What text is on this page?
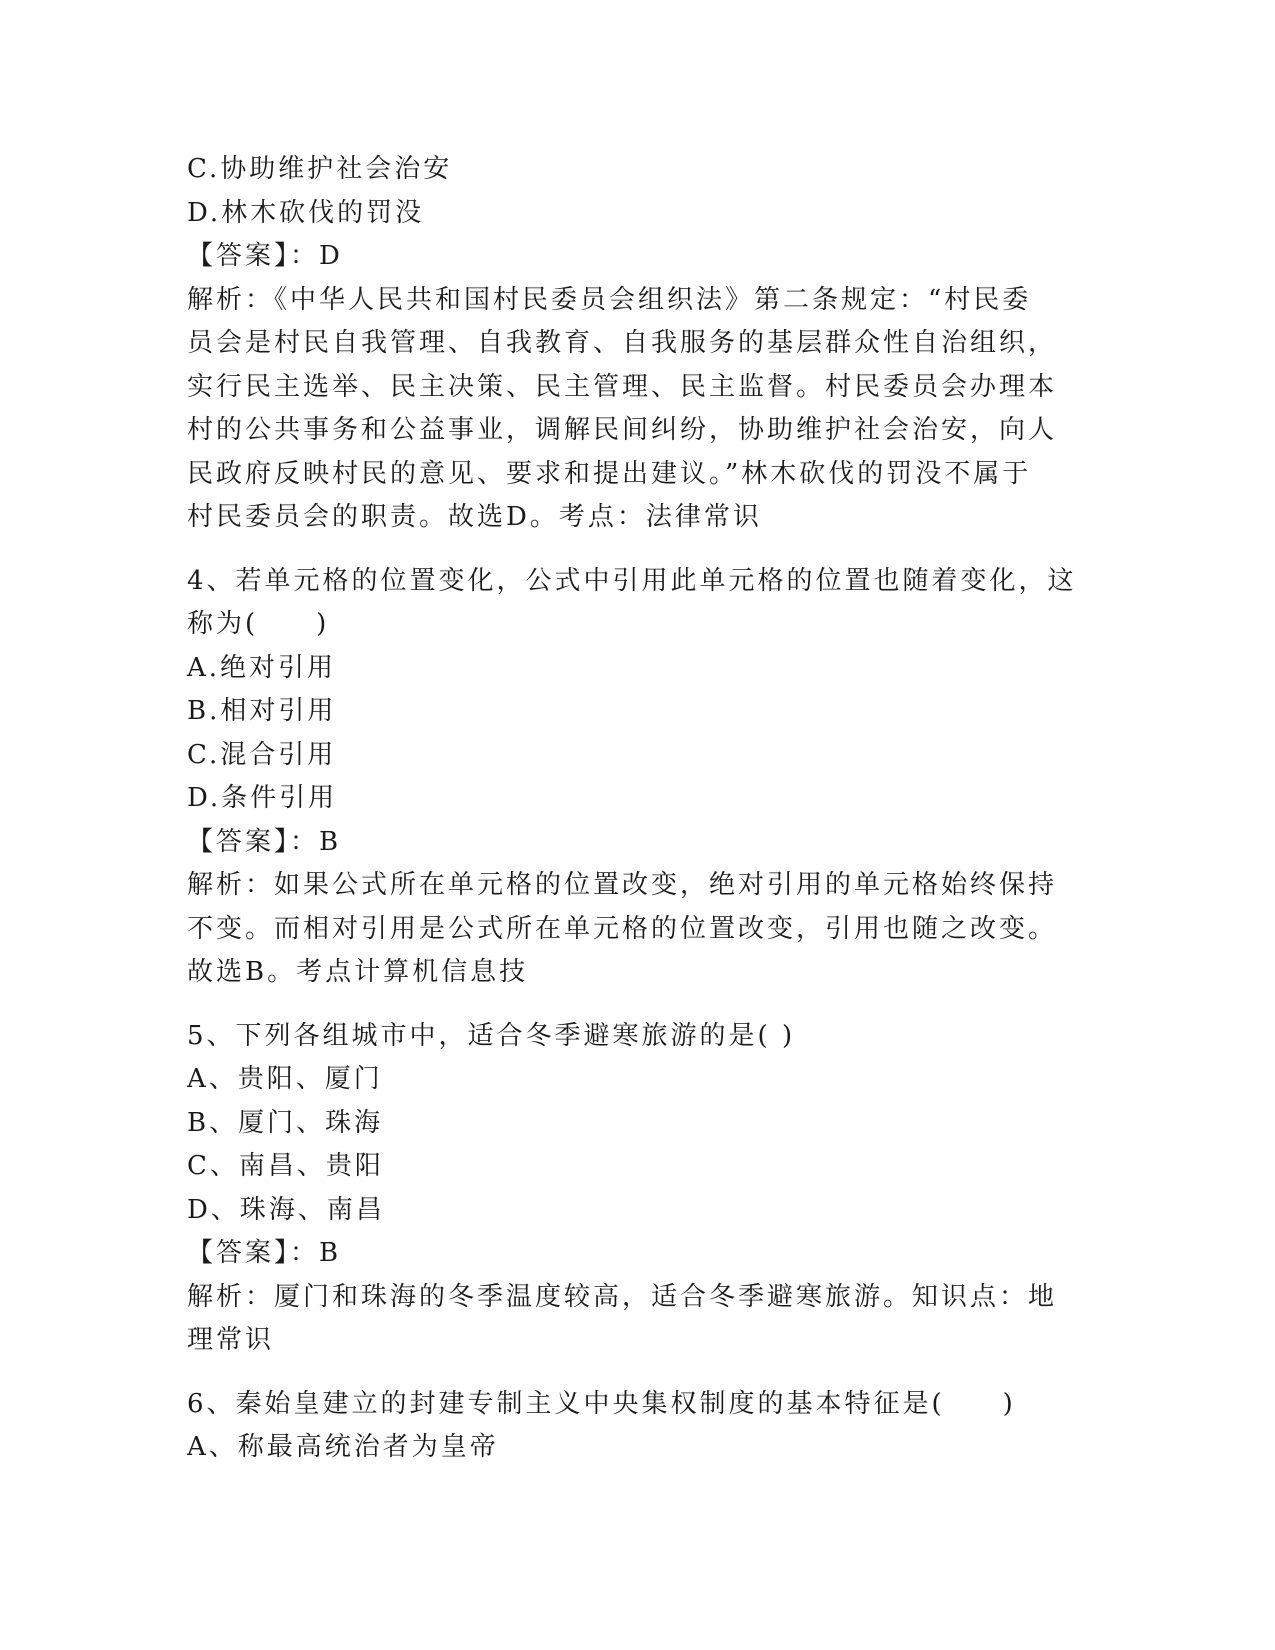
C.协助维护社会治安
D.林木砍伐的罚没
【答案】：D
解析：《中华人民共和国村民委员会组织法》第二条规定：“村民委
员会是村民自我管理、自我教育、自我服务的基层群众性自治组织，
实行民主选举、民主决策、民主管理、民主监督。村民委员会办理本
村的公共事务和公益事业，调解民间纠纷，协助维护社会治安，向人
民政府反映村民的意见、要求和提出建议。”林木砍伐的罚没不属于
村民委员会的职责。故选D。考点：法律常识
4、若单元格的位置变化，公式中引用此单元格的位置也随着变化，这
称为(　　)
A.绝对引用
B.相对引用
C.混合引用
D.条件引用
【答案】：B
解析：如果公式所在单元格的位置改变，绝对引用的单元格始终保持
不变。而相对引用是公式所在单元格的位置改变，引用也随之改变。
故选B。考点计算机信息技
5、下列各组城市中，适合冬季避寒旅游的是( )
A、贵阳、厦门
B、厦门、珠海
C、南昌、贵阳
D、珠海、南昌
【答案】：B
解析：厦门和珠海的冬季温度较高，适合冬季避寒旅游。知识点：地
理常识
6、秦始皇建立的封建专制主义中央集权制度的基本特征是(　　)
A、称最高统治者为皇帝
